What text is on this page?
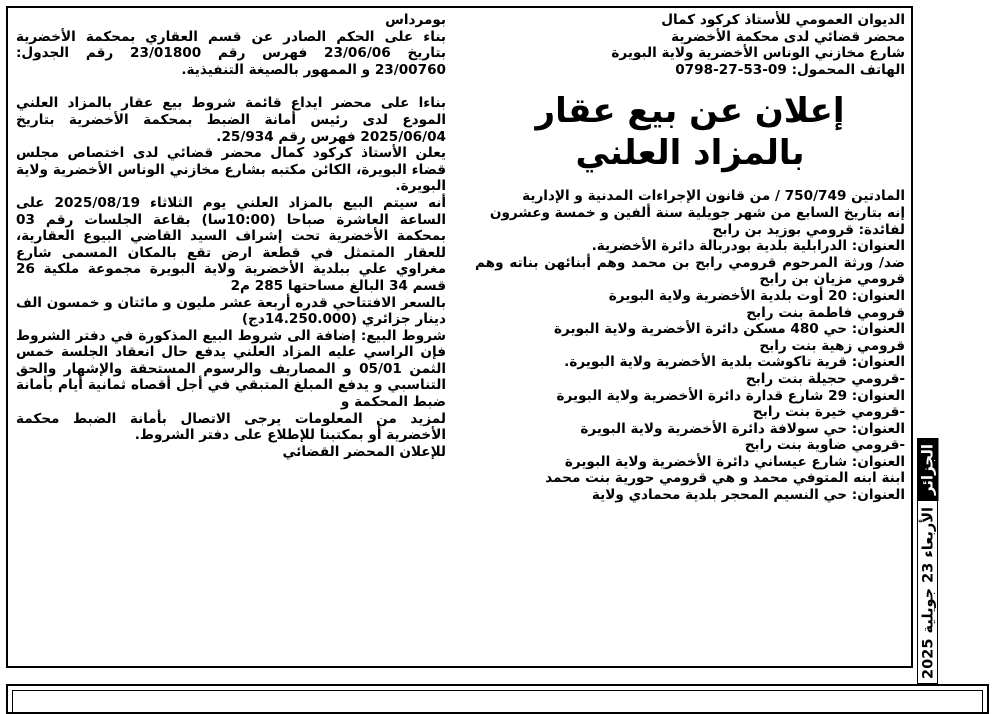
الديوان العمومي للأستاذ كركود كمال

محضر قضائي لدى محكمة الأخضرية

شارع مخازني الوناس الأخضرية ولاية البويرة

الهاتف المحمول: 09-53-27-0798

إعلان عن بيع عقار بالمزاد العلني

المادتين 750/749 / من قانون الإجراءات المدنية و الإدارية

إنه بتاريخ السابع من شهر جويلية سنة ألفين و خمسة وعشرون

لفائدة: قرومي بوزيد بن رابح

العنوان: الدرابلية بلدية بودربالة دائرة الأخضرية.

ضد/ ورثة المرحوم قرومي رابح بن محمد وهم أبنائهن بناته وهم قرومي مزيان بن رابح

العنوان: 20 أوت بلدية الأخضرية ولاية البويرة

قرومي فاطمة بنت رابح

العنوان: حي 480 مسكن دائرة الأخضرية ولاية البويرة

قرومي زهية بنت رابح

العنوان: قرية تاكوشت بلدية الأخضرية ولاية البويرة.

-قرومي حجيلة بنت رابح

العنوان: 29 شارع قدارة دائرة الأخضرية ولاية البويرة

-قرومي خيرة بنت رابح

العنوان: حي سولافة دائرة الأخضرية ولاية البويرة

-قرومي ضاوية بنت رابح

العنوان: شارع عيساني دائرة الأخضرية ولاية البويرة

ابنة ابنه المتوفي محمد و هي قرومي حورية بنت محمد

العنوان: حي النسيم المحجر بلدية محمادي ولاية

بومرداس

بناء على الحكم الصادر عن قسم العقاري بمحكمة الأخضرية بتاريخ 23/06/06 فهرس رقم 23/01800 رقم الجدول: 23/00760 و الممهور بالصيغة التنفيذية.

بناءا على محضر ايداع قائمة شروط بيع عقار بالمزاد العلني المودع لدى رئيس أمانة الضبط بمحكمة الأخضرية بتاريخ 2025/06/04 فهرس رقم 25/934.

يعلن الأستاذ كركود كمال محضر قضائي لدى اختصاص مجلس قضاء البويرة، الكائن مكتبه بشارع مخازني الوناس الأخضرية ولاية البويرة.

أنه سيتم البيع بالمزاد العلني يوم الثلاثاء 2025/08/19 على الساعة العاشرة صباحا (10:00سا) بقاعة الجلسات رقم 03 بمحكمة الأخضرية تحت إشراف السيد القاضي البيوع العقارية، للعقار المتمثل في قطعة ارض تقع بالمكان المسمى شارع مغراوي علي ببلدية الأخضرية ولاية البويرة مجموعة ملكية 26 قسم 34 البالغ مساحتها 285 م2

بالسعر الافتتاحي قدره أربعة عشر مليون و مائتان و خمسون الف دينار جزائري (14.250.000دج)

شروط البيع: إضافة الى شروط البيع المذكورة في دفتر الشروط فإن الراسي عليه المزاد العلني يدفع حال انعقاد الجلسة خمس الثمن 05/01 و المصاريف والرسوم المستحقة والإشهار والحق التناسبي و يدفع المبلغ المتبقي في أجل أقصاه ثمانية أيام بأمانة ضبط المحكمة و

لمزيد من المعلومات يرجى الاتصال بأمانة الضبط محكمة الأخضرية أو بمكتبنا للإطلاع على دفتر الشروط.

للإعلان المحضر القضائي	الجزائر
الأربعاء 23 جويلية 2025
